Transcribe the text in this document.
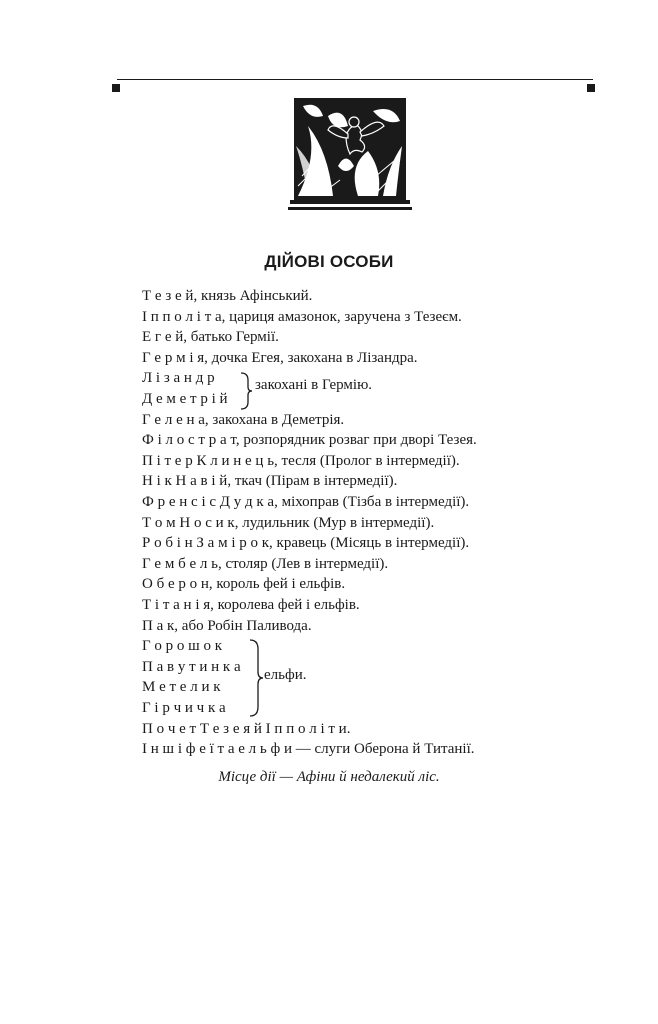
ДІЙОВІ ОСОБИ
Т е з е й, князь Афінський.
І п п о л і т а, цариця амазонок, заручена з Тезеєм.
Е г е й, батько Гермії.
Г е р м і я, дочка Егея, закохана в Лізандра.
Л і з а н д р
Д е м е т р і й
Г е л е н а, закохана в Деметрія.
Ф і л о с т р а т, розпорядник розваг при дворі Тезея.
П і т е р К л и н е ц ь, тесля (Пролог в інтермедії).
Н і к Н а в і й, ткач (Пірам в інтермедії).
Ф р е н с і с Д у д к а, міхоправ (Тізба в інтермедії).
Т о м Н о с и к, лудильник (Мур в інтермедії).
Р о б і н З а м і р о к, кравець (Місяць в інтермедії).
Г е м б е л ь, столяр (Лев в інтермедії).
О б е р о н, король фей і ельфів.
Т і т а н і я, королева фей і ельфів.
П а к, або Робін Паливода.
Г о р о ш о к
П а в у т и н к а
М е т е л и к
Г і р ч и ч к а
П о ч е т Т е з е я й І п п о л і т и.
І н ш і ф е ї т а е л ь ф и — слуги Оберона й Титанії.
закохані в Гермію.
ельфи.
Місце дії — Афіни й недалекий ліс.
